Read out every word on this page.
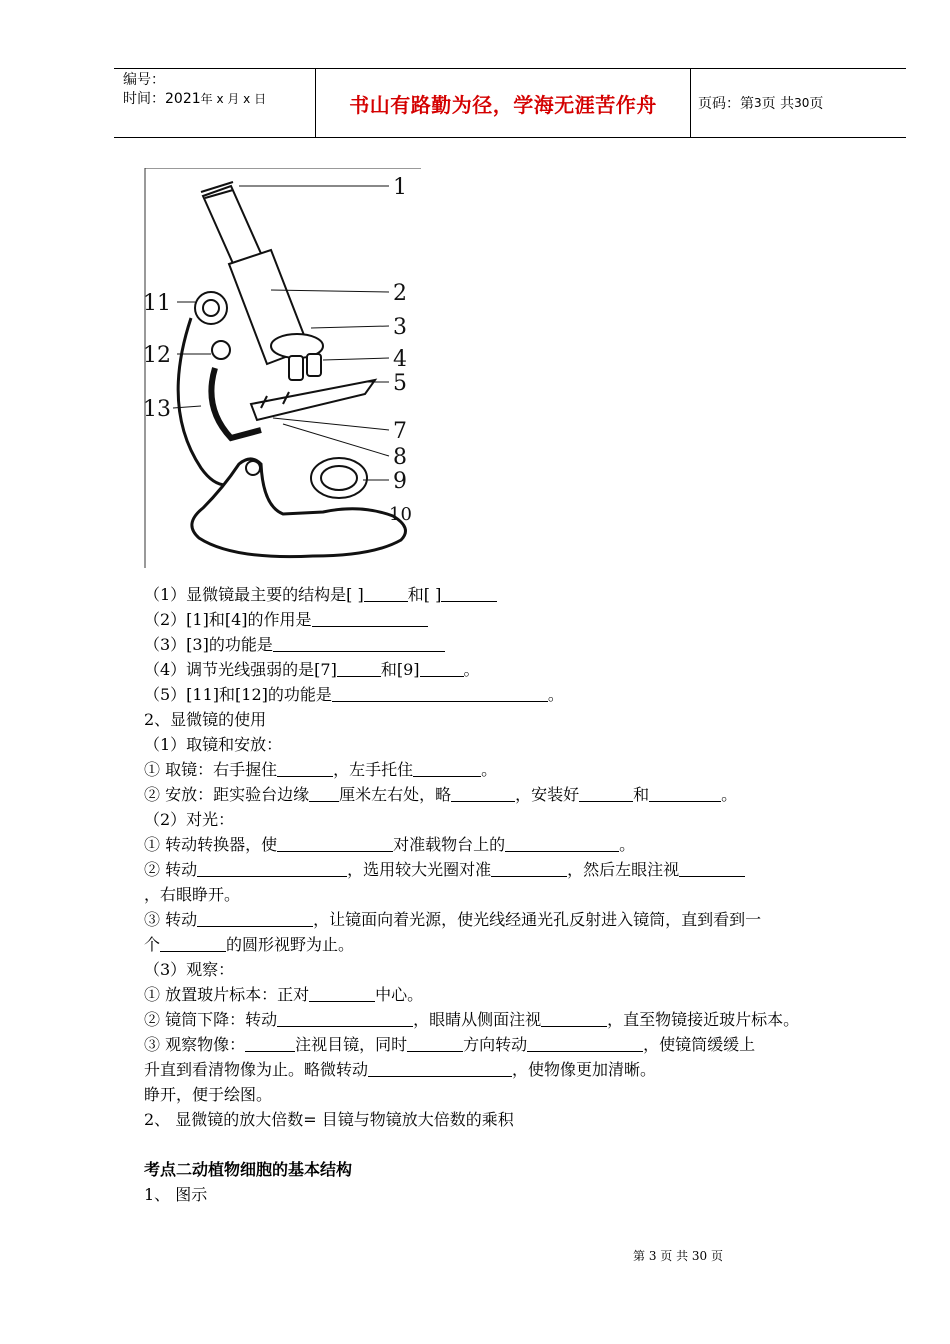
编号：
时间：2021年 x 月 x 日	书山有路勤为径，学海无涯苦作舟	页码：第 3 页 共 30 页
1
2
3
4
5
7
8
9
10
11
12
13
（1）显微镜最主要的结构是[ ]	和[ ]
（2）[1]和[4]的作用是
（3）[3]的功能是
（4）调节光线强弱的是[7]	和[9]	。
（5）[11]和[12]的功能是	。
2、显微镜的使用
（1）取镜和安放：
① 取镜：右手握住	，左手托住	。
② 安放：距实验台边缘 厘米左右处，略	，安装好	和	。
（2）对光：
① 转动转换器，使	对准载物台上的	。
② 转动	，选用较大光圈对准	，然后左眼注视
，右眼睁开。
③ 转动	，让镜面向着光源，使光线经通光孔反射进入镜筒，直到看到一
个	的圆形视野为止。
（3）观察：
① 放置玻片标本：正对	中心。
② 镜筒下降：转动	，眼睛从侧面注视	，直至物镜接近玻片标本。
③ 观察物像：	注视目镜，同时	方向转动	，使镜筒缓缓上
升直到看清物像为止。略微转动	，使物像更加清晰。
睁开，便于绘图。
2、 显微镜的放大倍数= 目镜与物镜放大倍数的乘积
考点二动植物细胞的基本结构
1、 图示
第 3 页 共 30 页
